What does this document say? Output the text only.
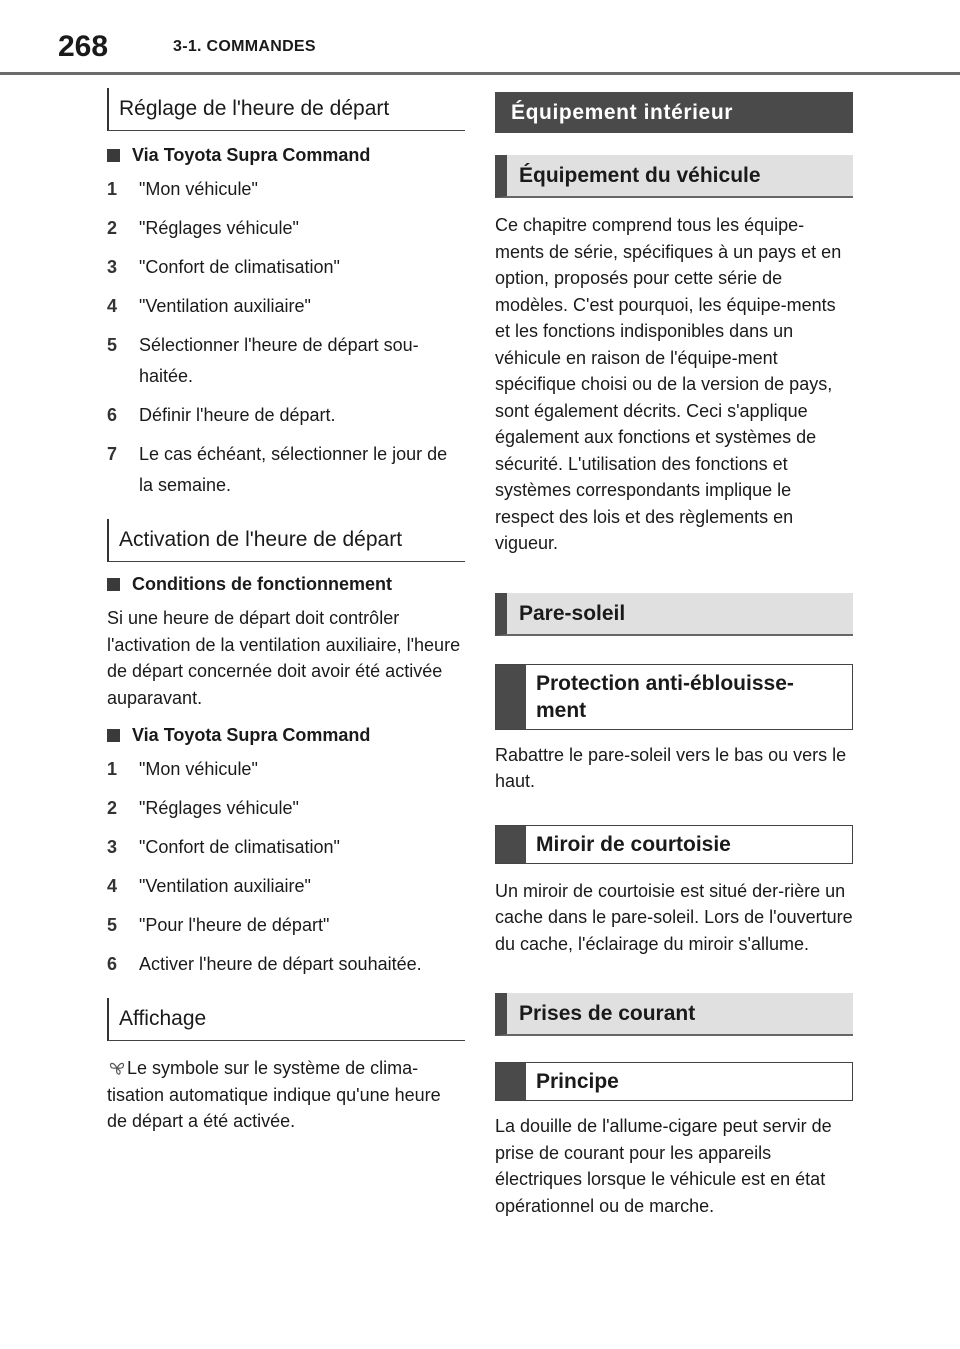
268	3-1. COMMANDES
Réglage de l'heure de départ
Via Toyota Supra Command
1	"Mon véhicule"
2	"Réglages véhicule"
3	"Confort de climatisation"
4	"Ventilation auxiliaire"
5	Sélectionner l'heure de départ sou-haitée.
6	Définir l'heure de départ.
7	Le cas échéant, sélectionner le jour de la semaine.
Activation de l'heure de départ
Conditions de fonctionnement
Si une heure de départ doit contrôler l'activation de la ventilation auxiliaire, l'heure de départ concernée doit avoir été activée auparavant.
Via Toyota Supra Command
1	"Mon véhicule"
2	"Réglages véhicule"
3	"Confort de climatisation"
4	"Ventilation auxiliaire"
5	"Pour l'heure de départ"
6	Activer l'heure de départ souhaitée.
Affichage
Le symbole sur le système de clima-tisation automatique indique qu'une heure de départ a été activée.
Équipement intérieur
Équipement du véhicule
Ce chapitre comprend tous les équipe-ments de série, spécifiques à un pays et en option, proposés pour cette série de modèles. C'est pourquoi, les équipe-ments et les fonctions indisponibles dans un véhicule en raison de l'équipe-ment spécifique choisi ou de la version de pays, sont également décrits. Ceci s'applique également aux fonctions et systèmes de sécurité. L'utilisation des fonctions et systèmes correspondants implique le respect des lois et des règlements en vigueur.
Pare-soleil
Protection anti-éblouisse-ment
Rabattre le pare-soleil vers le bas ou vers le haut.
Miroir de courtoisie
Un miroir de courtoisie est situé der-rière un cache dans le pare-soleil. Lors de l'ouverture du cache, l'éclairage du miroir s'allume.
Prises de courant
Principe
La douille de l'allume-cigare peut servir de prise de courant pour les appareils électriques lorsque le véhicule est en état opérationnel ou de marche.
